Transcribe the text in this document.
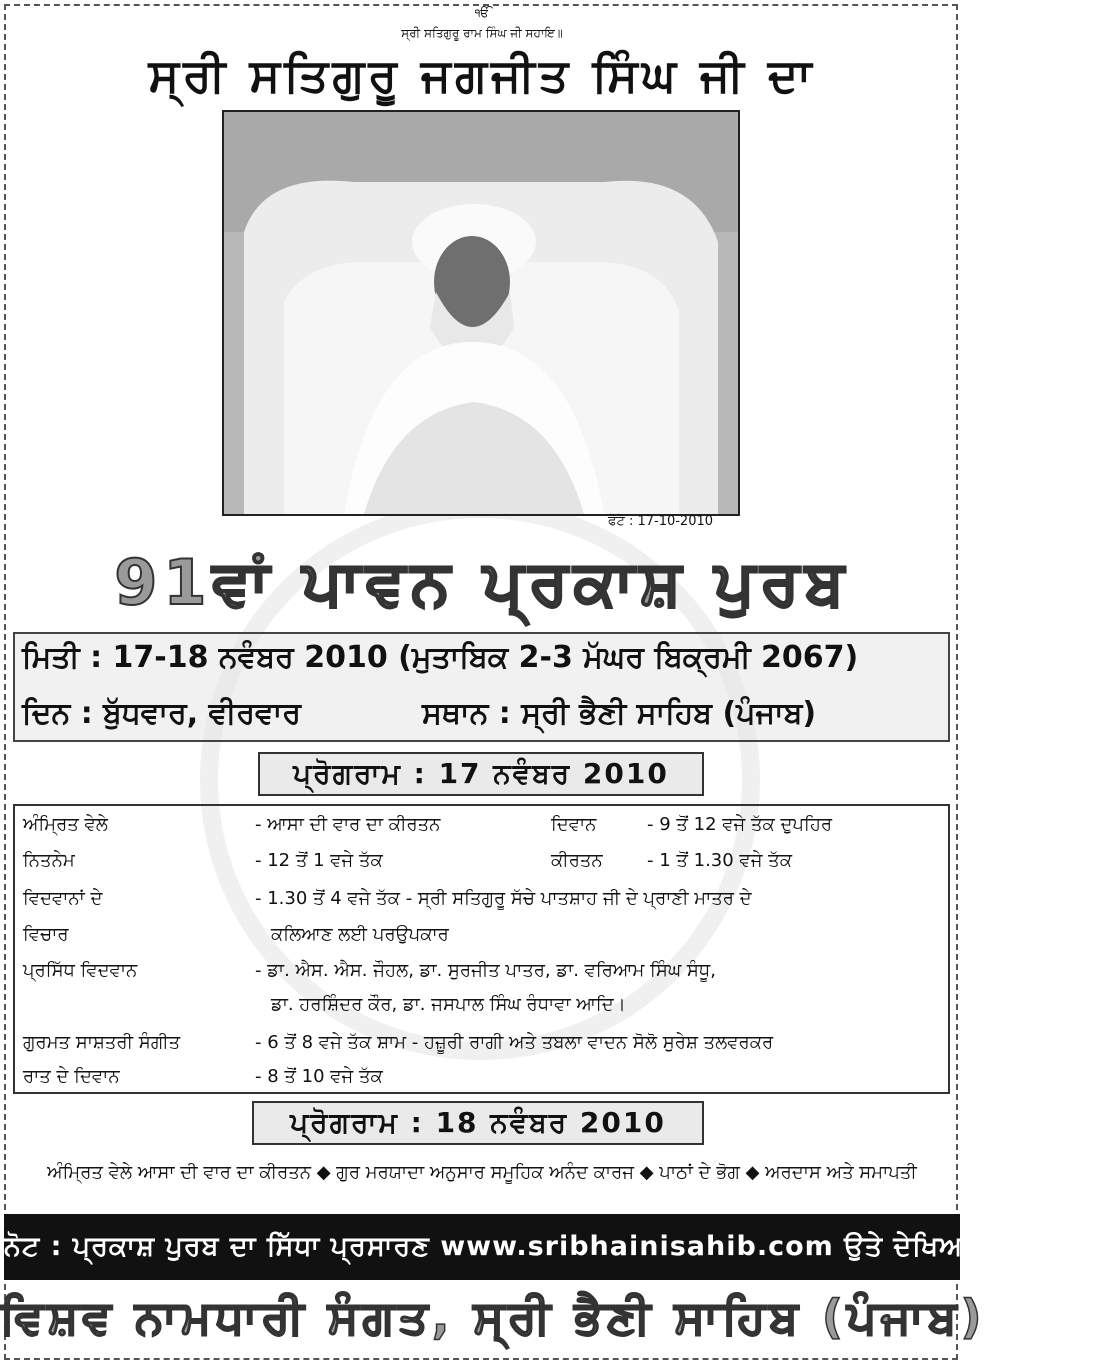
ੴ
ਸ੍ਰੀ ਸਤਿਗੁਰੂ ਰਾਮ ਸਿੰਘ ਜੀ ਸਹਾਇ॥
ਸ੍ਰੀ ਸਤਿਗੁਰੂ ਜਗਜੀਤ ਸਿੰਘ ਜੀ ਦਾ
ਫੋਟੋ : 17-10-2010
91ਵਾਂ ਪਾਵਨ ਪ੍ਰਕਾਸ਼ ਪੁਰਬ
ਮਿਤੀ : 17-18 ਨਵੰਬਰ 2010 (ਮੁਤਾਬਿਕ 2-3 ਮੱਘਰ ਬਿਕ੍ਰਮੀ 2067)
ਦਿਨ : ਬੁੱਧਵਾਰ, ਵੀਰਵਾਰ	ਸਥਾਨ : ਸ੍ਰੀ ਭੈਣੀ ਸਾਹਿਬ (ਪੰਜਾਬ)
ਪ੍ਰੋਗਰਾਮ : 17 ਨਵੰਬਰ 2010
ਅੰਮ੍ਰਿਤ ਵੇਲੇ	- ਆਸਾ ਦੀ ਵਾਰ ਦਾ ਕੀਰਤਨ	ਦਿਵਾਨ	- 9 ਤੋਂ 12 ਵਜੇ ਤੱਕ ਦੁਪਹਿਰ
ਨਿਤਨੇਮ	- 12 ਤੋਂ 1 ਵਜੇ ਤੱਕ	ਕੀਰਤਨ - 1 ਤੋਂ 1.30 ਵਜੇ ਤੱਕ
ਵਿਦਵਾਨਾਂ ਦੇ	- 1.30 ਤੋਂ 4 ਵਜੇ ਤੱਕ - ਸ੍ਰੀ ਸਤਿਗੁਰੂ ਸੱਚੇ ਪਾਤਸ਼ਾਹ ਜੀ ਦੇ ਪ੍ਰਾਣੀ ਮਾਤਰ ਦੇ
ਵਿਚਾਰ	ਕਲਿਆਣ ਲਈ ਪਰਉਪਕਾਰ
ਪ੍ਰਸਿੱਧ ਵਿਦਵਾਨ	- ਡਾ. ਐਸ. ਐਸ. ਜੌਹਲ, ਡਾ. ਸੁਰਜੀਤ ਪਾਤਰ, ਡਾ. ਵਰਿਆਮ ਸਿੰਘ ਸੰਧੂ,
ਡਾ. ਹਰਸ਼ਿੰਦਰ ਕੌਰ, ਡਾ. ਜਸਪਾਲ ਸਿੰਘ ਰੰਧਾਵਾ ਆਦਿ।
ਗੁਰਮਤ ਸਾਸ਼ਤਰੀ ਸੰਗੀਤ	- 6 ਤੋਂ 8 ਵਜੇ ਤੱਕ ਸ਼ਾਮ - ਹਜ਼ੂਰੀ ਰਾਗੀ ਅਤੇ ਤਬਲਾ ਵਾਦਨ ਸੋਲੋ ਸੁਰੇਸ਼ ਤਲਵਰਕਰ
ਰਾਤ ਦੇ ਦਿਵਾਨ	- 8 ਤੋਂ 10 ਵਜੇ ਤੱਕ
ਪ੍ਰੋਗਰਾਮ : 18 ਨਵੰਬਰ 2010
ਅੰਮ੍ਰਿਤ ਵੇਲੇ ਆਸਾ ਦੀ ਵਾਰ ਦਾ ਕੀਰਤਨ ◆ ਗੁਰ ਮਰਯਾਦਾ ਅਨੁਸਾਰ ਸਮੂਹਿਕ ਅਨੰਦ ਕਾਰਜ ◆ ਪਾਠਾਂ ਦੇ ਭੋਗ ◆ ਅਰਦਾਸ ਅਤੇ ਸਮਾਪਤੀ
ਨੋਟ : ਪ੍ਰਕਾਸ਼ ਪੁਰਬ ਦਾ ਸਿੱਧਾ ਪ੍ਰਸਾਰਣ www.sribhainisahib.com ਉਤੇ ਦੇਖਿਆ ਜਾ ਸਕਦਾ ਹੈ
ਵਿਸ਼ਵ ਨਾਮਧਾਰੀ ਸੰਗਤ, ਸ੍ਰੀ ਭੈਣੀ ਸਾਹਿਬ (ਪੰਜਾਬ)
